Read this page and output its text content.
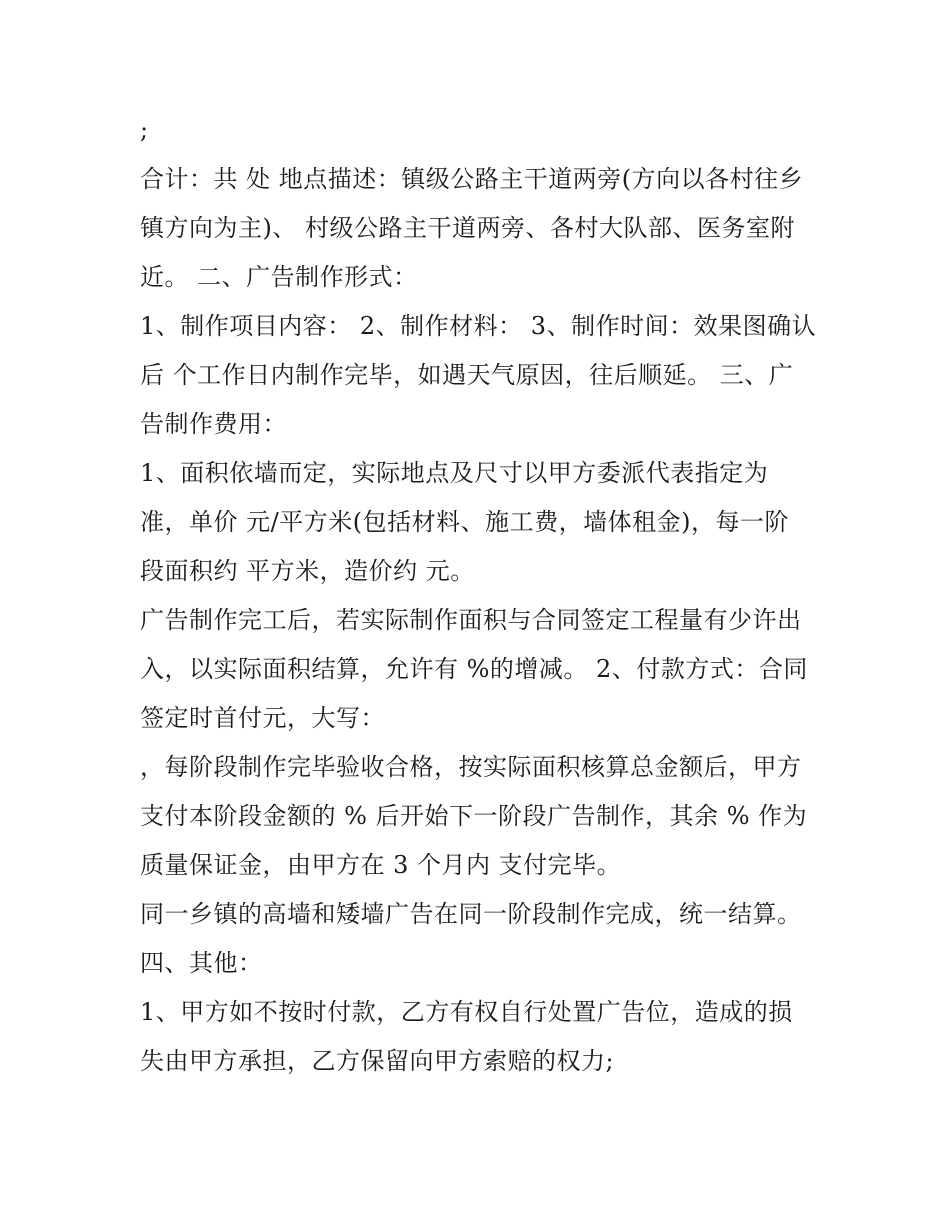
;
合计：共 处 地点描述：镇级公路主干道两旁(方向以各村往乡
镇方向为主)、 村级公路主干道两旁、各村大队部、医务室附
近。 二、广告制作形式：
1、制作项目内容： 2、制作材料： 3、制作时间：效果图确认
后 个工作日内制作完毕，如遇天气原因，往后顺延。 三、广
告制作费用：
1、面积依墙而定，实际地点及尺寸以甲方委派代表指定为
准，单价 元/平方米(包括材料、施工费，墙体租金)，每一阶
段面积约 平方米，造价约 元。
广告制作完工后，若实际制作面积与合同签定工程量有少许出
入，以实际面积结算，允许有 %的增减。 2、付款方式：合同
签定时首付元，大写：
，每阶段制作完毕验收合格，按实际面积核算总金额后，甲方
支付本阶段金额的 % 后开始下一阶段广告制作，其余 % 作为
质量保证金，由甲方在 3 个月内 支付完毕。
同一乡镇的高墙和矮墙广告在同一阶段制作完成，统一结算。
四、其他：
1、甲方如不按时付款，乙方有权自行处置广告位，造成的损
失由甲方承担，乙方保留向甲方索赔的权力;
